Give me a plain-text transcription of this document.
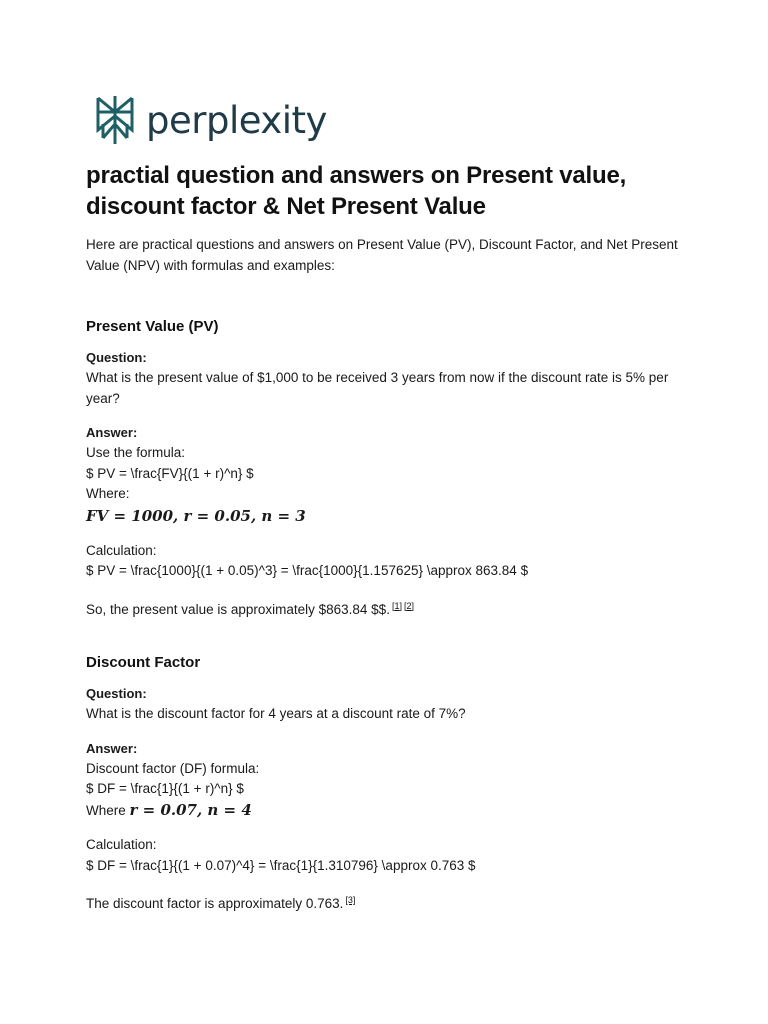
perplexity
practial question and answers on Present value, discount factor & Net Present Value

Here are practical questions and answers on Present Value (PV), Discount Factor, and Net Present Value (NPV) with formulas and examples:

Present Value (PV)
Question:

What is the present value of $1,000 to be received 3 years from now if the discount rate is 5% per year?

Answer:

Use the formula:

$ PV = \frac{FV}{(1 + r)^n} $

Where:

FV = 1000, r = 0.05, n = 3

Calculation:

$ PV = \frac{1000}{(1 + 0.05)^3} = \frac{1000}{1.157625} \approx 863.84 $

So, the present value is approximately $863.84 $$. [1] [2]

Discount Factor
Question:

What is the discount factor for 4 years at a discount rate of 7%?

Answer:

Discount factor (DF) formula:

$ DF = \frac{1}{(1 + r)^n} $

Where r = 0.07, n = 4

Calculation:

$ DF = \frac{1}{(1 + 0.07)^4} = \frac{1}{1.310796} \approx 0.763 $

The discount factor is approximately 0.763. [3]
